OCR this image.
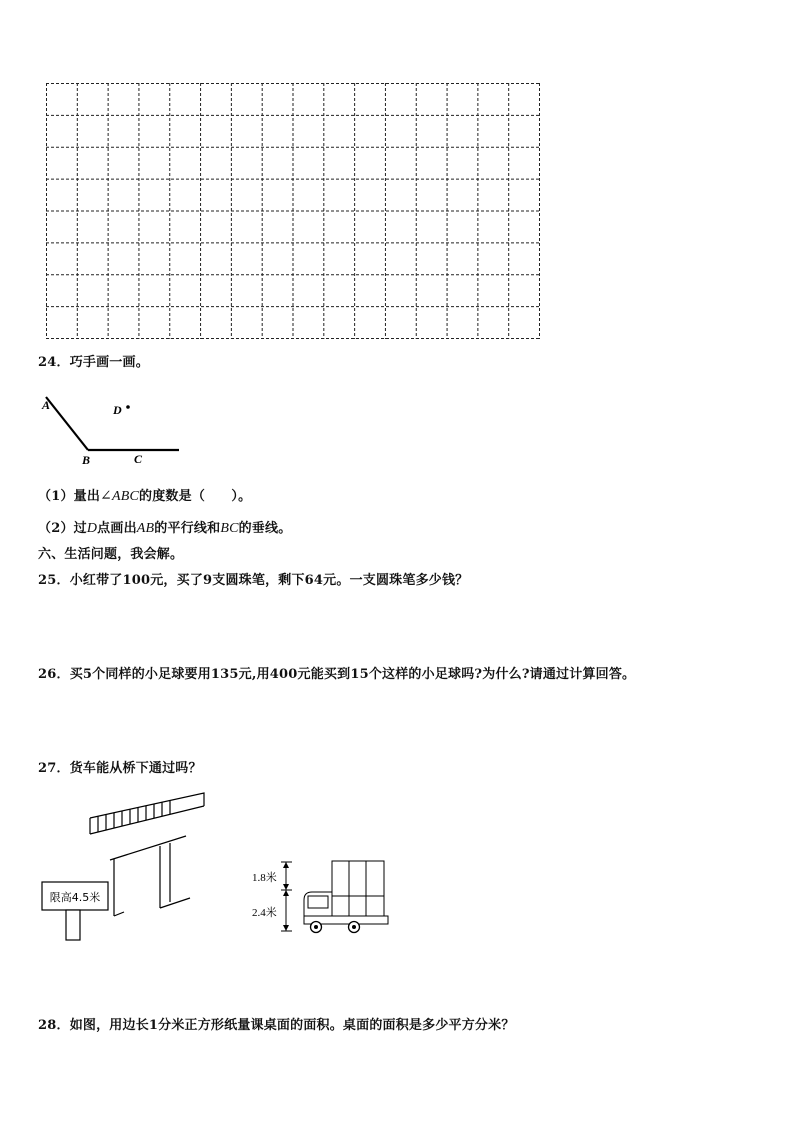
24．巧手画一画。
A	D
B	C
（1）量出∠ABC的度数是（　　）。
（2）过D点画出AB的平行线和BC的垂线。
六、生活问题，我会解。
25．小红带了100元，买了9支圆珠笔，剩下64元。一支圆珠笔多少钱？
26．买5个同样的小足球要用135元,用400元能买到15个这样的小足球吗?为什么?请通过计算回答。
27．货车能从桥下通过吗？
限高4.5米
1.8米
2.4米
28．如图，用边长1分米正方形纸量课桌面的面积。桌面的面积是多少平方分米？
